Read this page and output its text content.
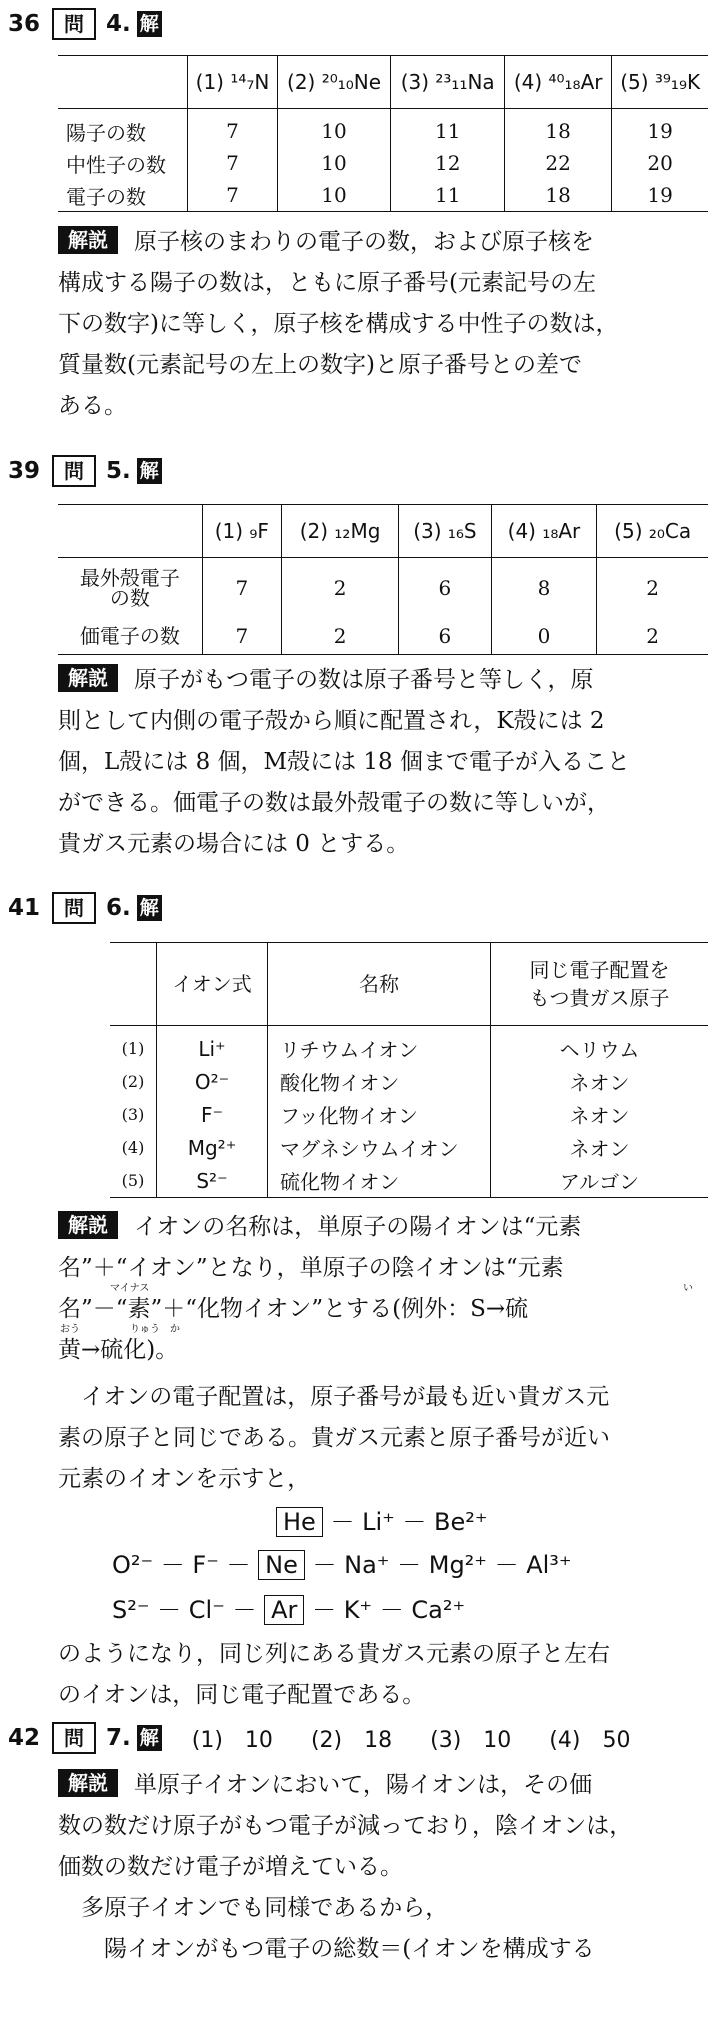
36	問 4. 解
	(1) ¹⁴₇N	(2) ²⁰₁₀Ne	(3) ²³₁₁Na	(4) ⁴⁰₁₈Ar	(5) ³⁹₁₉K
陽子の数	7	10	11	18	19
中性子の数	7	10	12	22	20
電子の数	7	10	11	18	19

解説 原子核のまわりの電子の数，および原子核を

構成する陽子の数は，ともに原子番号(元素記号の左

下の数字)に等しく，原子核を構成する中性子の数は，

質量数(元素記号の左上の数字)と原子番号との差で

ある。

39	問 5. 解
	(1) ₉F	(2) ₁₂Mg	(3) ₁₆S	(4) ₁₈Ar	(5) ₂₀Ca

最外殻電子
の数	7	2	6	8	2
価電子の数	7	2	6	0	2

解説 原子がもつ電子の数は原子番号と等しく，原

則として内側の電子殻から順に配置され，K殻には 2

個，L殻には 8 個，M殻には 18 個まで電子が入ること

ができる。価電子の数は最外殻電子の数に等しいが，

貴ガス元素の場合には 0 とする。

41	問 6. 解
	イオン式	名称	同じ電子配置を
もつ貴ガス原子

(1)	Li⁺	リチウムイオン	ヘリウム
(2)	O²⁻	酸化物イオン	ネオン
(3)	F⁻	フッ化物イオン	ネオン
(4)	Mg²⁺	マグネシウムイオン	ネオン
(5)	S²⁻	硫化物イオン	アルゴン

解説 イオンの名称は，単原子の陽イオンは“元素

名”＋“イオン”となり，単原子の陰イオンは“元素

マイナス	い
名”－“素”＋“化物イオン”とする(例外：S→硫

おう	りゅう　か
黄→硫化)。

イオンの電子配置は，原子番号が最も近い貴ガス元

素の原子と同じである。貴ガス元素と原子番号が近い

元素のイオンを示すと，

He － Li⁺ － Be²⁺
O²⁻ － F⁻ － Ne － Na⁺ － Mg²⁺ － Al³⁺
S²⁻ － Cl⁻ － Ar － K⁺ － Ca²⁺

のようになり，同じ列にある貴ガス元素の原子と左右

のイオンは，同じ電子配置である。

42	問 7. 解 (1)　10 (2)　18 (3)　10 (4)　50

解説 単原子イオンにおいて，陽イオンは，その価

数の数だけ原子がもつ電子が減っており，陰イオンは，

価数の数だけ電子が増えている。

多原子イオンでも同様であるから，

陽イオンがもつ電子の総数＝(イオンを構成する
